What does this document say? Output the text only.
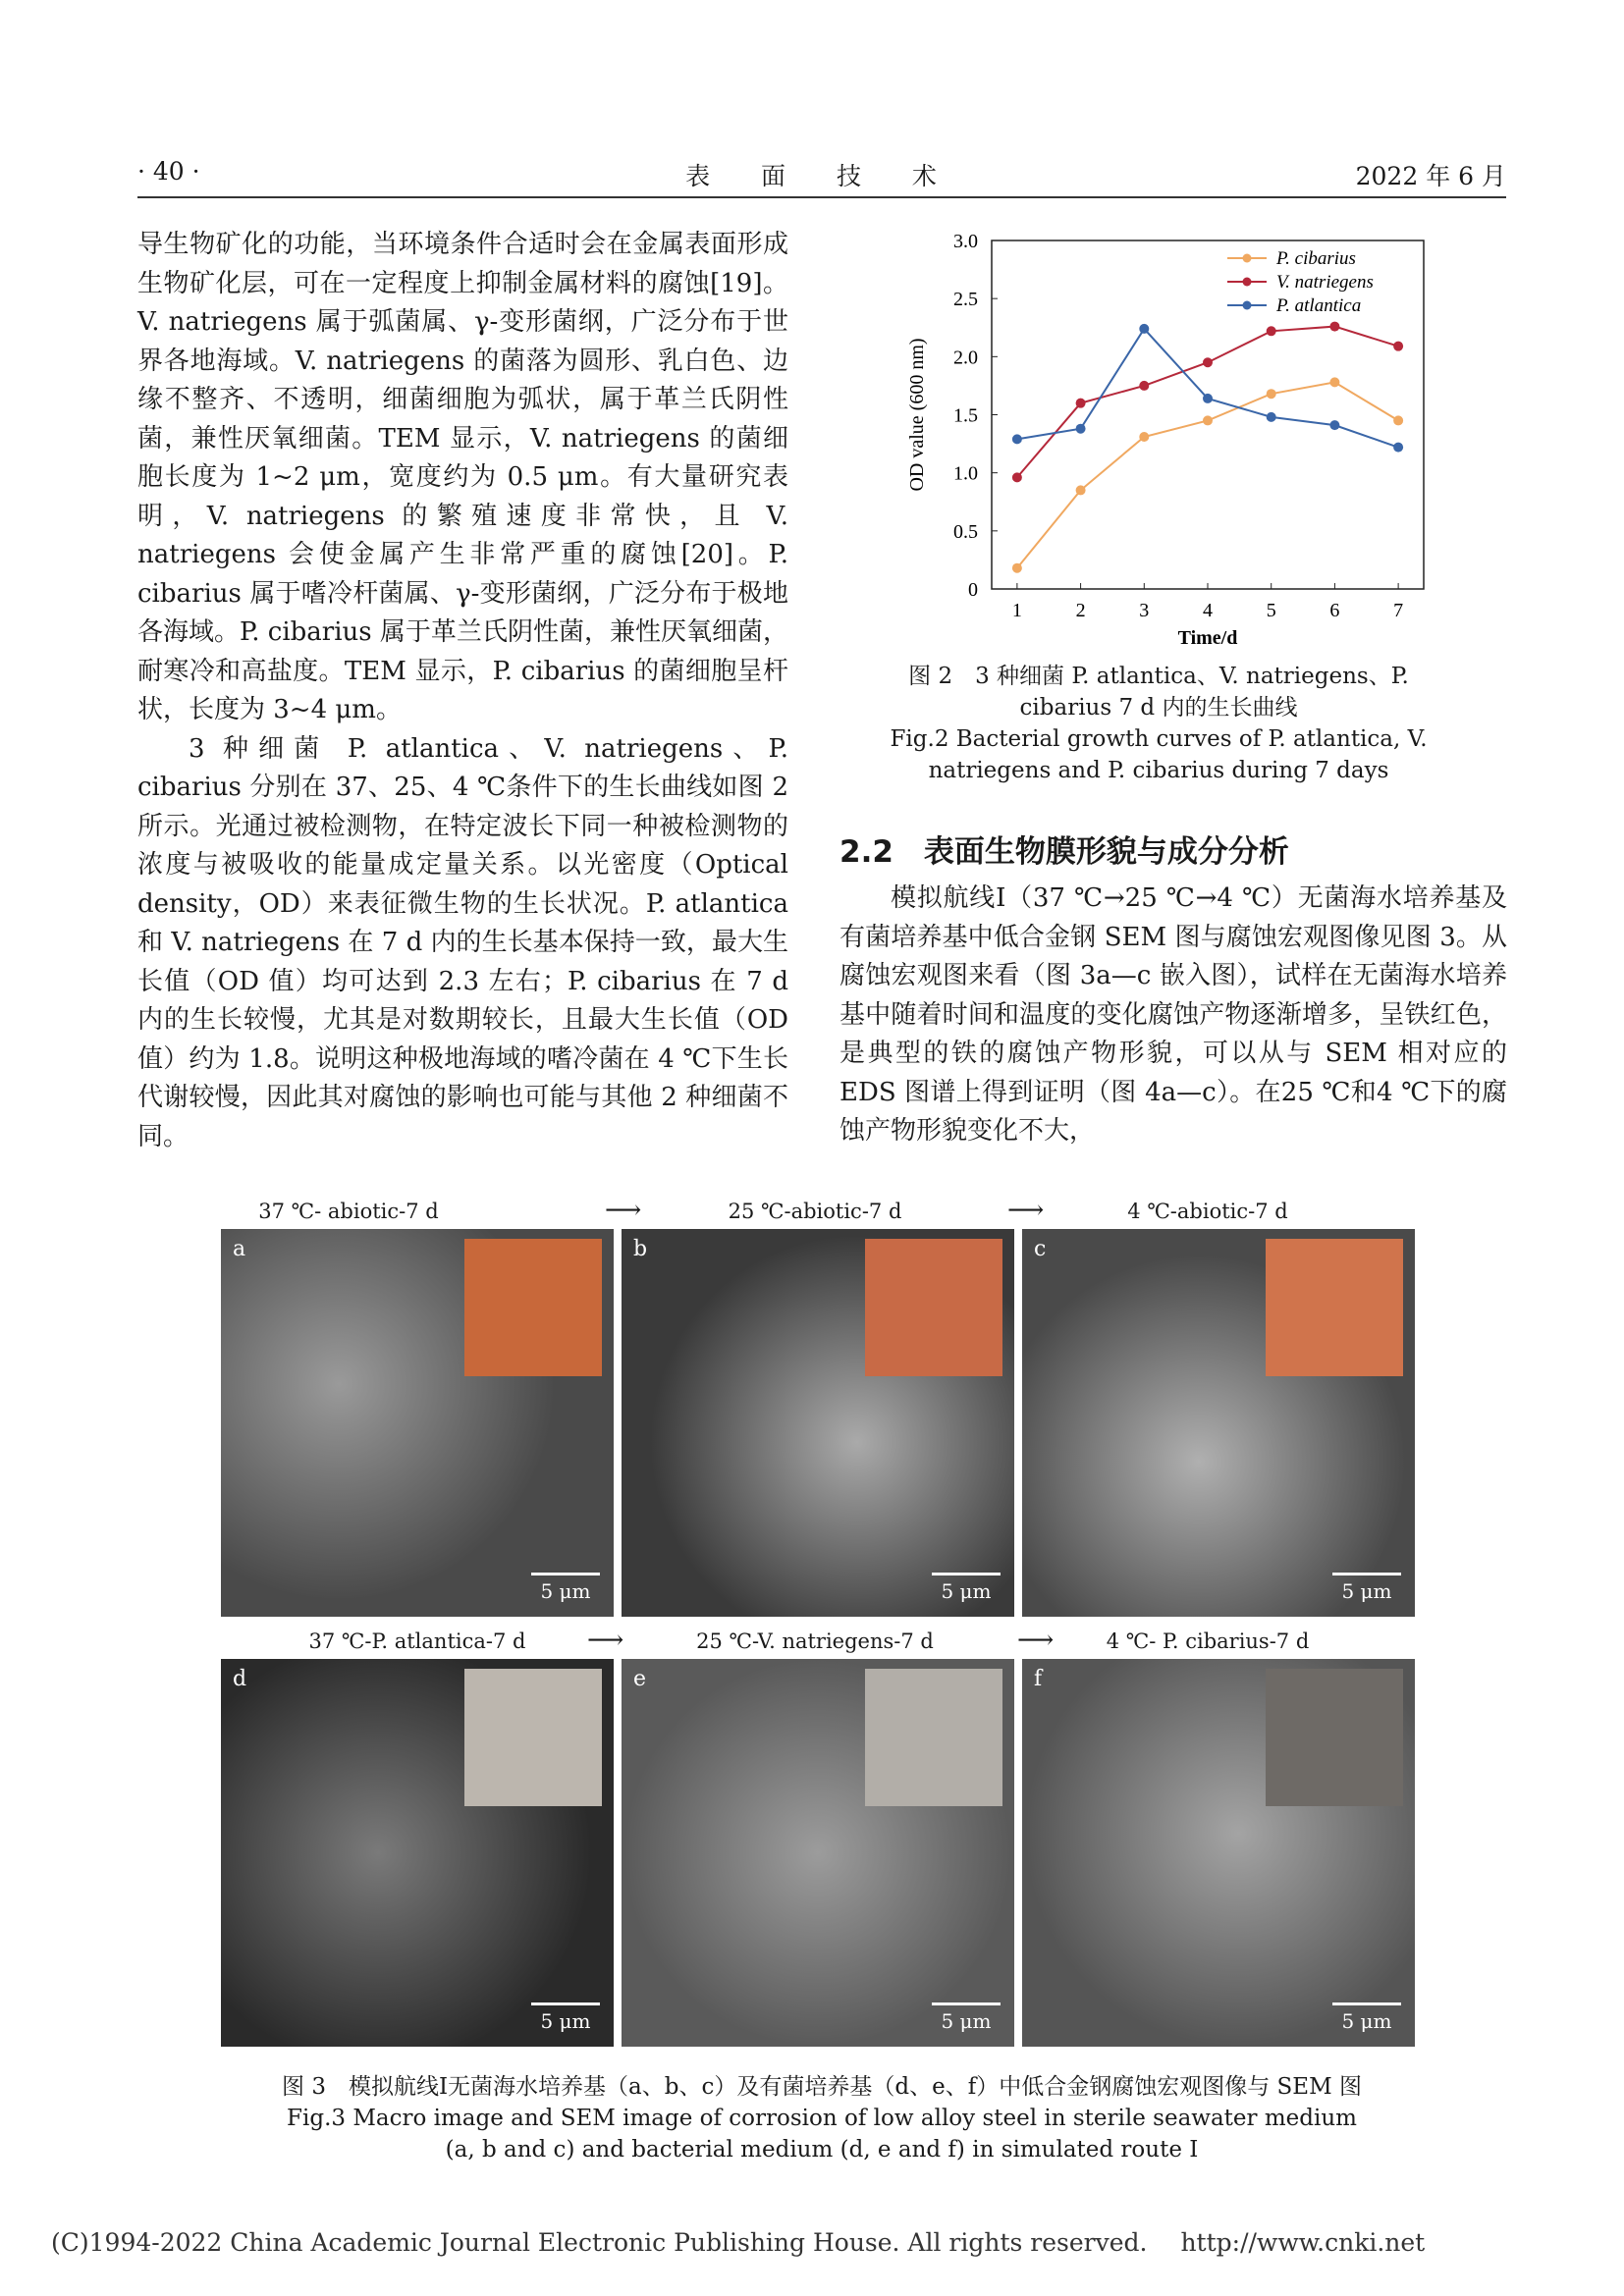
· 40 ·	表 面 技 术	2022 年 6 月

导生物矿化的功能，当环境条件合适时会在金属表面形成生物矿化层，可在一定程度上抑制金属材料的腐蚀[19]。V. natriegens 属于弧菌属、γ-变形菌纲，广泛分布于世界各地海域。V. natriegens 的菌落为圆形、乳白色、边缘不整齐、不透明，细菌细胞为弧状，属于革兰氏阴性菌，兼性厌氧细菌。TEM 显示，V. natriegens 的菌细胞长度为 1~2 μm，宽度约为 0.5 μm。有大量研究表明，V. natriegens 的繁殖速度非常快，且 V. natriegens 会使金属产生非常严重的腐蚀[20]。P. cibarius 属于嗜冷杆菌属、γ-变形菌纲，广泛分布于极地各海域。P. cibarius 属于革兰氏阴性菌，兼性厌氧细菌，耐寒冷和高盐度。TEM 显示，P. cibarius 的菌细胞呈杆状，长度为 3~4 μm。

3 种细菌 P. atlantica、V. natriegens、P. cibarius 分别在 37、25、4 ℃条件下的生长曲线如图 2 所示。光通过被检测物，在特定波长下同一种被检测物的浓度与被吸收的能量成定量关系。以光密度（Optical density，OD）来表征微生物的生长状况。P. atlantica 和 V. natriegens 在 7 d 内的生长基本保持一致，最大生长值（OD 值）均可达到 2.3 左右；P. cibarius 在 7 d 内的生长较慢，尤其是对数期较长，且最大生长值（OD 值）约为 1.8。说明这种极地海域的嗜冷菌在 4 ℃下生长代谢较慢，因此其对腐蚀的影响也可能与其他 2 种细菌不同。

0
0.5
1.0
1.5
2.0
2.5
3.0
1	2	3	4	5	6	7
Time/d
OD value (600 nm)
P. cibarius
V. natriegens
P. atlantica
图 2　3 种细菌 P. atlantica、V. natriegens、P. cibarius 7 d 内的生长曲线
Fig.2 Bacterial growth curves of P. atlantica, V. natriegens and P. cibarius during 7 days
2.2　表面生物膜形貌与成分分析

模拟航线Ⅰ（37 ℃→25 ℃→4 ℃）无菌海水培养基及有菌培养基中低合金钢 SEM 图与腐蚀宏观图像见图 3。从腐蚀宏观图来看（图 3a—c 嵌入图），试样在无菌海水培养基中随着时间和温度的变化腐蚀产物逐渐增多，呈铁红色，是典型的铁的腐蚀产物形貌，可以从与 SEM 相对应的 EDS 图谱上得到证明（图 4a—c）。在25 ℃和4 ℃下的腐蚀产物形貌变化不大，

37 ℃- abiotic-7 d	⟶	25 ℃-abiotic-7 d	⟶	4 ℃-abiotic-7 d
a
5 μm
b
5 μm
c
5 μm
37 ℃-P. atlantica-7 d	⟶	25 ℃-V. natriegens-7 d	⟶	4 ℃- P. cibarius-7 d
d
5 μm
e
5 μm
f
5 μm
图 3　模拟航线Ⅰ无菌海水培养基（a、b、c）及有菌培养基（d、e、f）中低合金钢腐蚀宏观图像与 SEM 图
Fig.3 Macro image and SEM image of corrosion of low alloy steel in sterile seawater medium
(a, b and c) and bacterial medium (d, e and f) in simulated route I
(C)1994-2022 China Academic Journal Electronic Publishing House. All rights reserved. http://www.cnki.net
